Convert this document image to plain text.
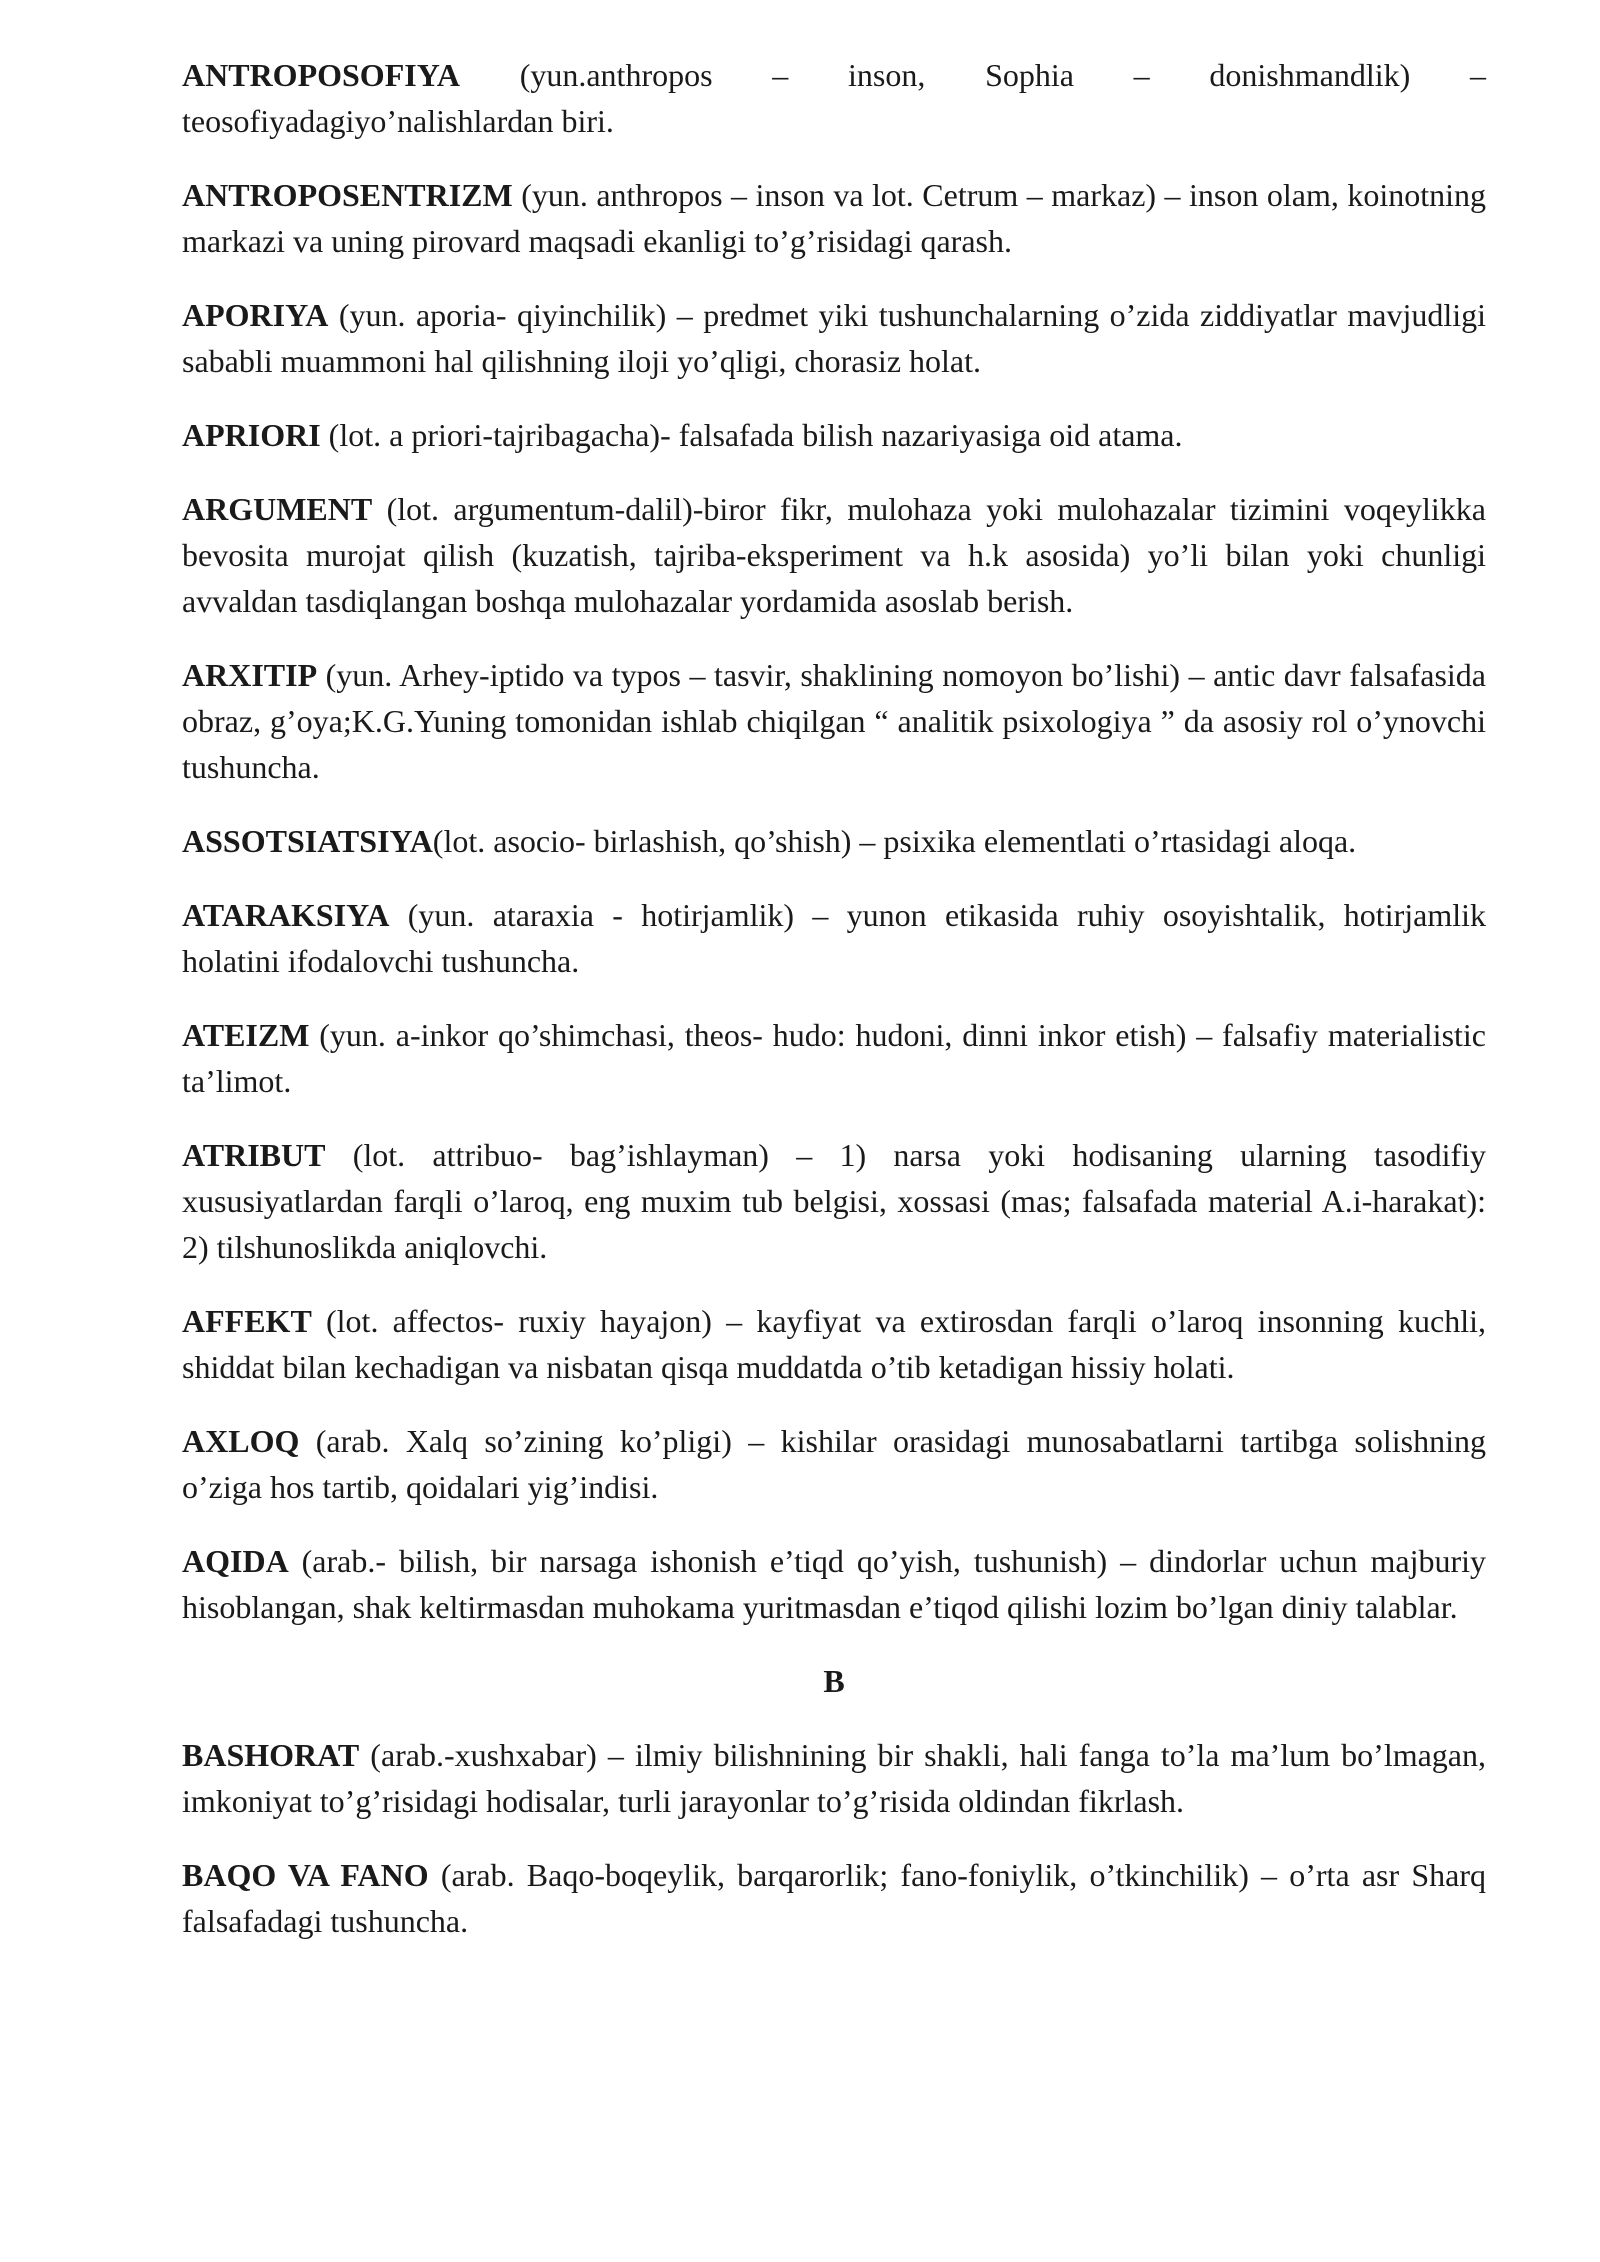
ANTROPOSOFIYA (yun.anthropos – inson, Sophia – donishmandlik) – teosofiyadagiyo’nalishlardan biri.

ANTROPOSENTRIZM (yun. anthropos – inson va lot. Cetrum – markaz) – inson olam, koinotning markazi va uning pirovard maqsadi ekanligi to’g’risidagi qarash.

APORIYA (yun. aporia- qiyinchilik) – predmet yiki tushunchalarning o’zida ziddiyatlar mavjudligi sababli muammoni hal qilishning iloji yo’qligi, chorasiz holat.

APRIORI (lot. a priori-tajribagacha)- falsafada bilish nazariyasiga oid atama.

ARGUMENT (lot. argumentum-dalil)-biror fikr, mulohaza yoki mulohazalar tizimini voqeylikka bevosita murojat qilish (kuzatish, tajriba-eksperiment va h.k asosida) yo’li bilan yoki chunligi avvaldan tasdiqlangan boshqa mulohazalar yordamida asoslab berish.

ARXITIP (yun. Arhey-iptido va typos – tasvir, shaklining nomoyon bo’lishi) – antic davr falsafasida obraz, g’oya;K.G.Yuning tomonidan ishlab chiqilgan “ analitik psixologiya ” da asosiy rol o’ynovchi tushuncha.

ASSOTSIATSIYA(lot. asocio- birlashish, qo’shish) – psixika elementlati o’rtasidagi aloqa.

ATARAKSIYA (yun. ataraxia - hotirjamlik) – yunon etikasida ruhiy osoyishtalik, hotirjamlik holatini ifodalovchi tushuncha.

ATEIZM (yun. a-inkor qo’shimchasi, theos- hudo: hudoni, dinni inkor etish) – falsafiy materialistic ta’limot.

ATRIBUT (lot. attribuo- bag’ishlayman) – 1) narsa yoki hodisaning ularning tasodifiy xususiyatlardan farqli o’laroq, eng muxim tub belgisi, xossasi (mas; falsafada material A.i-harakat): 2) tilshunoslikda aniqlovchi.

AFFEKT (lot. affectos- ruxiy hayajon) – kayfiyat va extirosdan farqli o’laroq insonning kuchli, shiddat bilan kechadigan va nisbatan qisqa muddatda o’tib ketadigan hissiy holati.

AXLOQ (arab. Xalq so’zining ko’pligi) – kishilar orasidagi munosabatlarni tartibga solishning o’ziga hos tartib, qoidalari yig’indisi.

AQIDA (arab.- bilish, bir narsaga ishonish e’tiqd qo’yish, tushunish) – dindorlar uchun majburiy hisoblangan, shak keltirmasdan muhokama yuritmasdan e’tiqod qilishi lozim bo’lgan diniy talablar.

B

BASHORAT (arab.-xushxabar) – ilmiy bilishnining bir shakli, hali fanga to’la ma’lum bo’lmagan, imkoniyat to’g’risidagi hodisalar, turli jarayonlar to’g’risida oldindan fikrlash.

BAQO VA FANO (arab. Baqo-boqeylik, barqarorlik; fano-foniylik, o’tkinchilik) – o’rta asr Sharq falsafadagi tushuncha.
